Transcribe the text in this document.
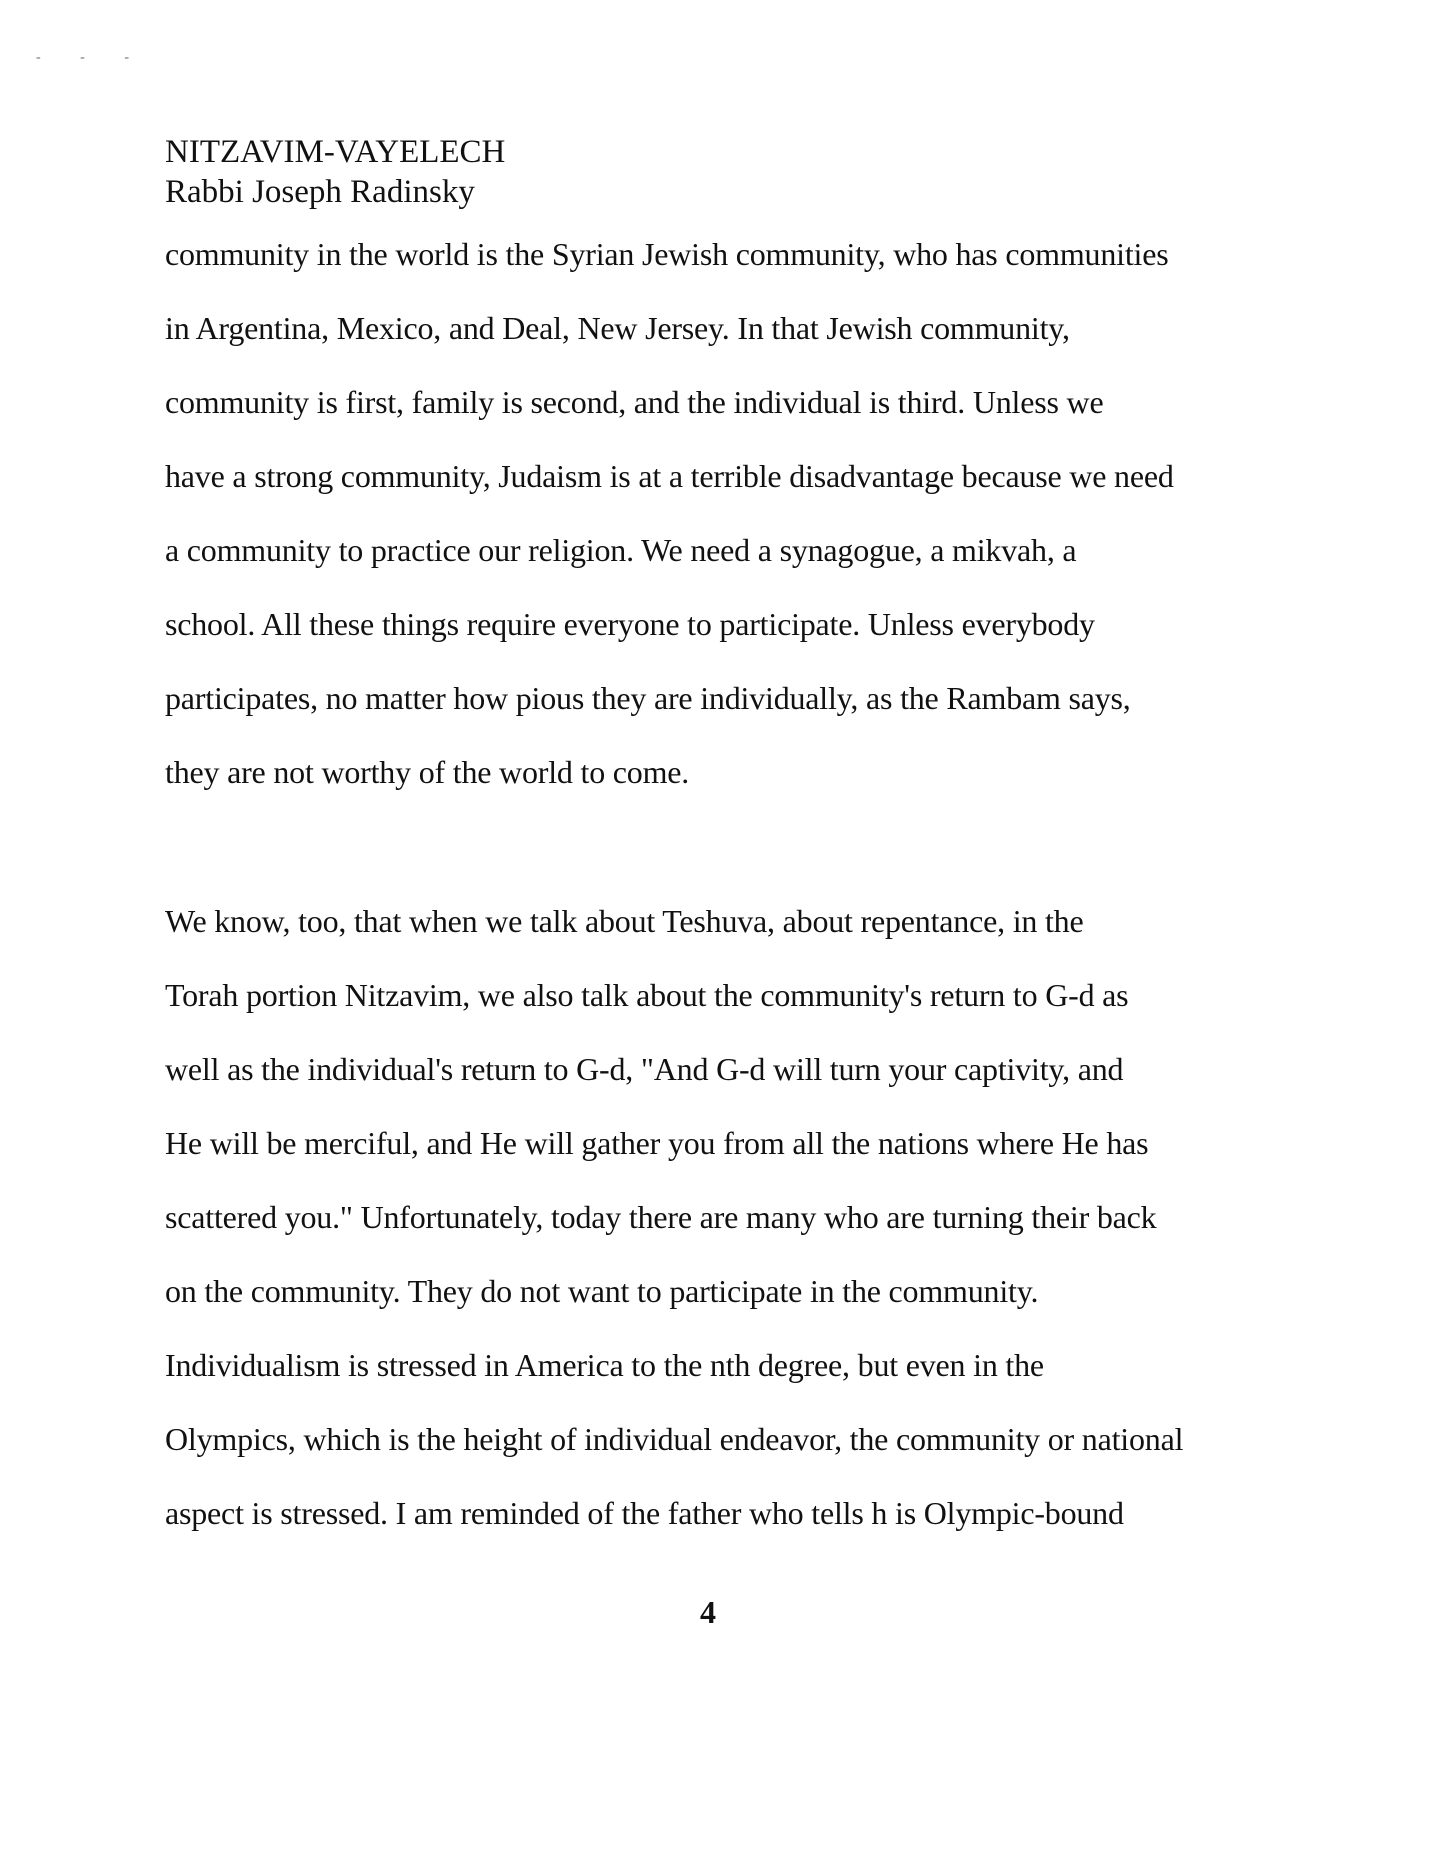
- - -
NITZAVIM-VAYELECH
Rabbi Joseph Radinsky
community in the world is the Syrian Jewish community, who has communities
in Argentina, Mexico, and Deal, New Jersey. In that Jewish community,
community is first, family is second, and the individual is third. Unless we
have a strong community, Judaism is at a terrible disadvantage because we need
a community to practice our religion. We need a synagogue, a mikvah, a
school. All these things require everyone to participate. Unless everybody
participates, no matter how pious they are individually, as the Rambam says,
they are not worthy of the world to come.
We know, too, that when we talk about Teshuva, about repentance, in the
Torah portion Nitzavim, we also talk about the community's return to G-d as
well as the individual's return to G-d, "And G-d will turn your captivity, and
He will be merciful, and He will gather you from all the nations where He has
scattered you." Unfortunately, today there are many who are turning their back
on the community. They do not want to participate in the community.
Individualism is stressed in America to the nth degree, but even in the
Olympics, which is the height of individual endeavor, the community or national
aspect is stressed. I am reminded of the father who tells h is Olympic-bound
4
